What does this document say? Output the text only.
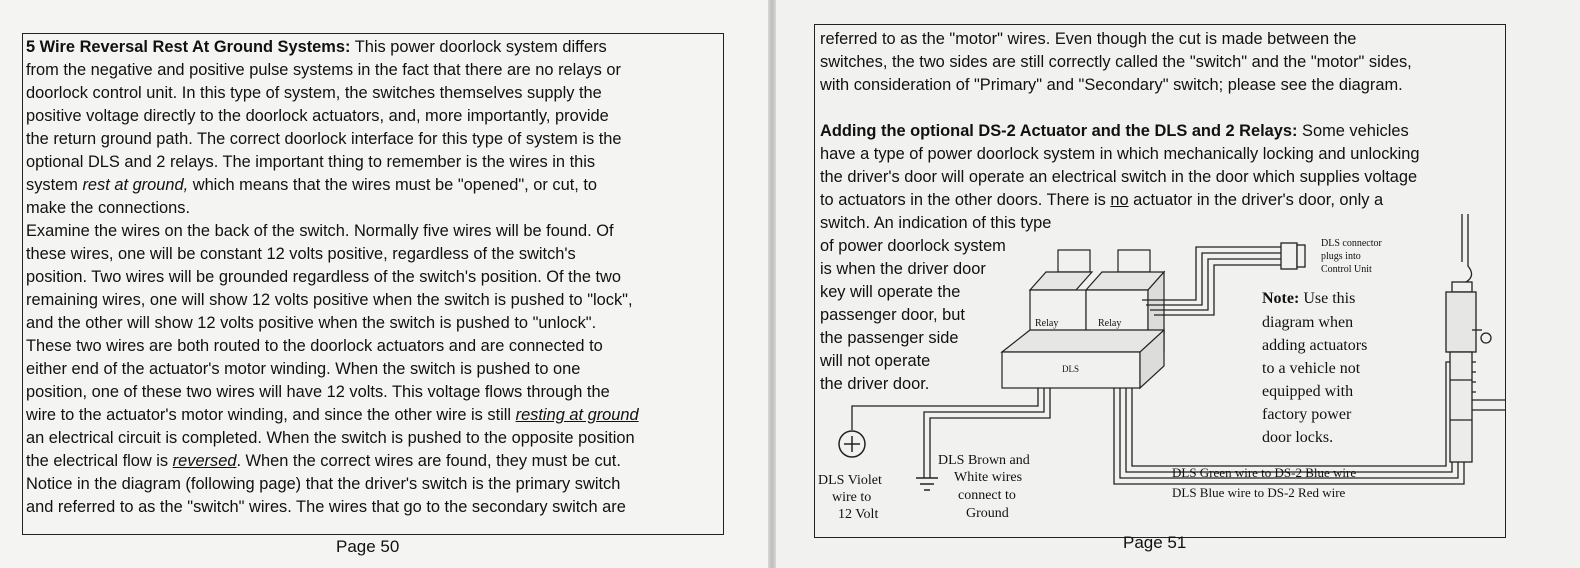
5 Wire Reversal Rest At Ground Systems: This power doorlock system differs
from the negative and positive pulse systems in the fact that there are no relays or
doorlock control unit. In this type of system, the switches themselves supply the
positive voltage directly to the doorlock actuators, and, more importantly, provide
the return ground path. The correct doorlock interface for this type of system is the
optional DLS and 2 relays. The important thing to remember is the wires in this
system rest at ground, which means that the wires must be "opened", or cut, to
make the connections.
Examine the wires on the back of the switch. Normally five wires will be found. Of
these wires, one will be constant 12 volts positive, regardless of the switch's
position. Two wires will be grounded regardless of the switch's position. Of the two
remaining wires, one will show 12 volts positive when the switch is pushed to "lock",
and the other will show 12 volts positive when the switch is pushed to "unlock".
These two wires are both routed to the doorlock actuators and are connected to
either end of the actuator's motor winding. When the switch is pushed to one
position, one of these two wires will have 12 volts. This voltage flows through the
wire to the actuator's motor winding, and since the other wire is still resting at ground
an electrical circuit is completed. When the switch is pushed to the opposite position
the electrical flow is reversed. When the correct wires are found, they must be cut.
Notice in the diagram (following page) that the driver's switch is the primary switch
and referred to as the "switch" wires. The wires that go to the secondary switch are
Page 50
referred to as the "motor" wires. Even though the cut is made between the
switches, the two sides are still correctly called the "switch" and the "motor" sides,
with consideration of "Primary" and "Secondary" switch; please see the diagram.
Adding the optional DS-2 Actuator and the DLS and 2 Relays: Some vehicles
have a type of power doorlock system in which mechanically locking and unlocking
the driver's door will operate an electrical switch in the door which supplies voltage
to actuators in the other doors. There is no actuator in the driver's door, only a
switch. An indication of this type
of power doorlock system
is when the driver door
key will operate the
passenger door, but
the passenger side
will not operate
the driver door.
Relay	Relay
DLS
DLS connector
plugs into
Control Unit
Note: Use this
diagram when
adding actuators
to a vehicle not
equipped with
factory power
door locks.
DLS Violet
wire to
12 Volt
DLS Brown and
White wires
connect to
Ground
DLS Green wire to DS-2 Blue wire
DLS Blue wire to DS-2 Red wire
Page 51
